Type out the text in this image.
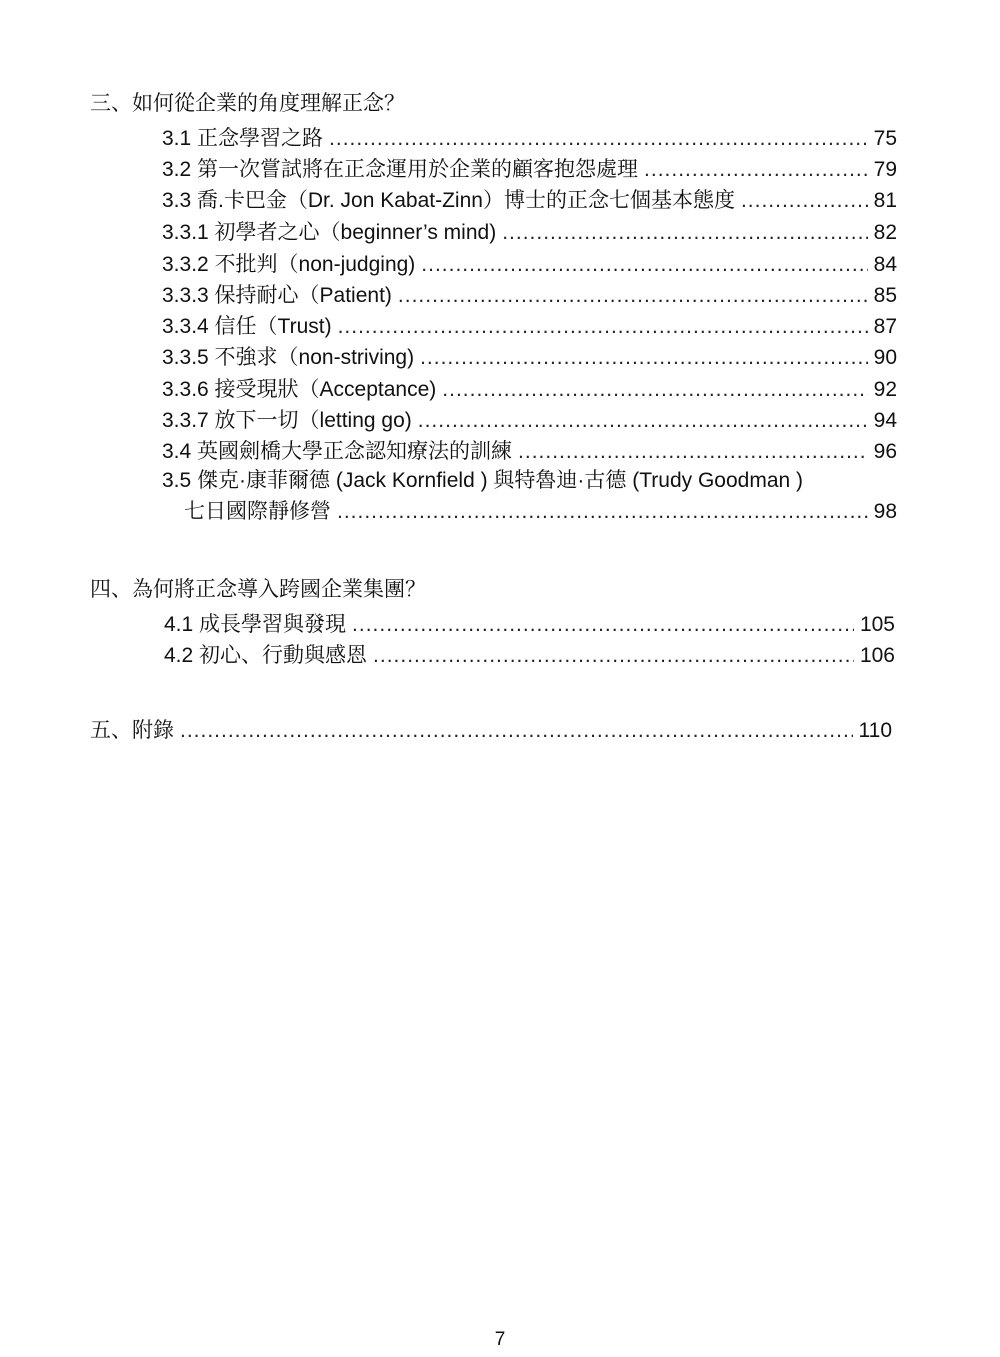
三、如何從企業的角度理解正念？
3.1 正念學習之路 .....	75
3.2 第一次嘗試將在正念運用於企業的顧客抱怨處理 .....	79
3.3 喬.卡巴金（Dr. Jon Kabat-Zinn）博士的正念七個基本態度 .....	81
3.3.1 初學者之心（beginner’s mind) .....	82
3.3.2 不批判（non-judging) .....	84
3.3.3 保持耐心（Patient) .....	85
3.3.4 信任（Trust) .....	87
3.3.5 不強求（non-striving) .....	90
3.3.6 接受現狀（Acceptance) .....	92
3.3.7 放下一切（letting go) .....	94
3.4 英國劍橋大學正念認知療法的訓練 .....	96
3.5 傑克·康菲爾德 (Jack Kornfield ) 與特魯迪·古德 (Trudy Goodman )
七日國際靜修營 .....	98
四、為何將正念導入跨國企業集團？
4.1 成長學習與發現 .....	105
4.2 初心、行動與感恩 .....	106
五、附錄 .....	110
7
